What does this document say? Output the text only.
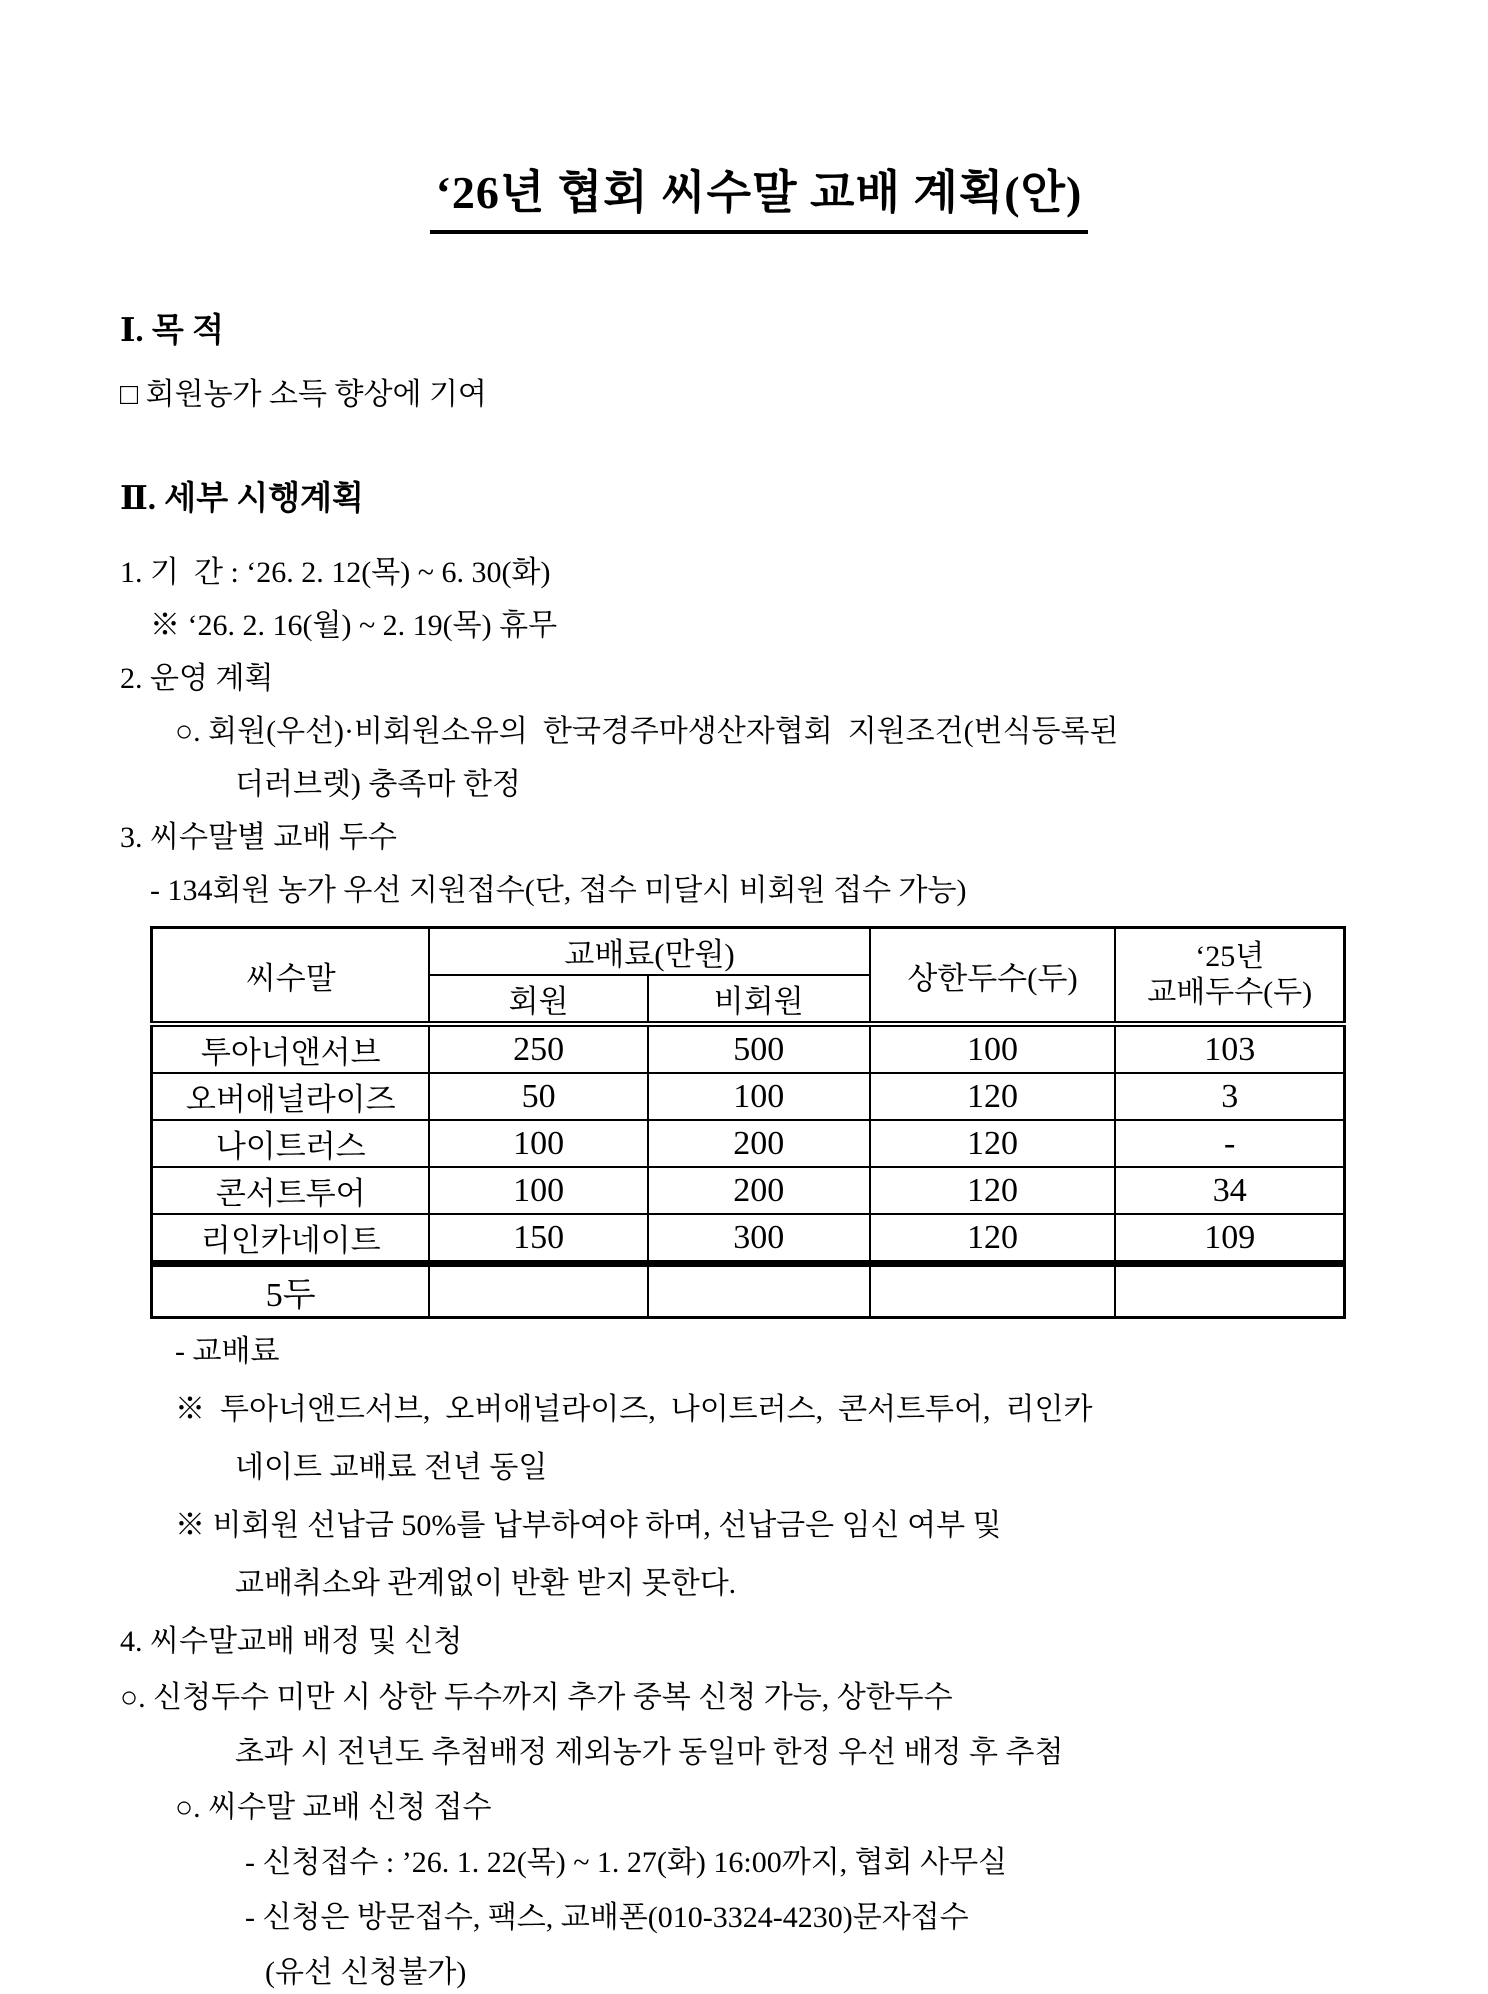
‘26년 협회 씨수말 교배 계획(안)
Ⅰ. 목 적
□ 회원농가 소득 향상에 기여
Ⅱ. 세부 시행계획
1. 기  간 : ‘26. 2. 12(목) ~ 6. 30(화)
※ ‘26. 2. 16(월) ~ 2. 19(목) 휴무
2. 운영 계획
○. 회원(우선)·비회원소유의  한국경주마생산자협회  지원조건(번식등록된
더러브렛) 충족마 한정
3. 씨수말별 교배 두수
- 134회원 농가 우선 지원접수(단, 접수 미달시 비회원 접수 가능)
씨수말	교배료(만원)		상한두수(두)	‘25년
교배두수(두)

	회원	비회원		
투아너앤서브	250	500	100	103
오버애널라이즈	50	100	120	3
나이트러스	100	200	120	-
콘서트투어	100	200	120	34
리인카네이트	150	300	120	109
5두				
- 교배료
※  투아너앤드서브,  오버애널라이즈,  나이트러스,  콘서트투어,  리인카
네이트 교배료 전년 동일
※ 비회원 선납금 50%를 납부하여야 하며, 선납금은 임신 여부 및
교배취소와 관계없이 반환 받지 못한다.
4. 씨수말교배 배정 및 신청
○. 신청두수 미만 시 상한 두수까지 추가 중복 신청 가능, 상한두수
초과 시 전년도 추첨배정 제외농가 동일마 한정 우선 배정 후 추첨
○. 씨수말 교배 신청 접수
- 신청접수 : ’26. 1. 22(목) ~ 1. 27(화) 16:00까지, 협회 사무실
- 신청은 방문접수, 팩스, 교배폰(010-3324-4230)문자접수
(유선 신청불가)
